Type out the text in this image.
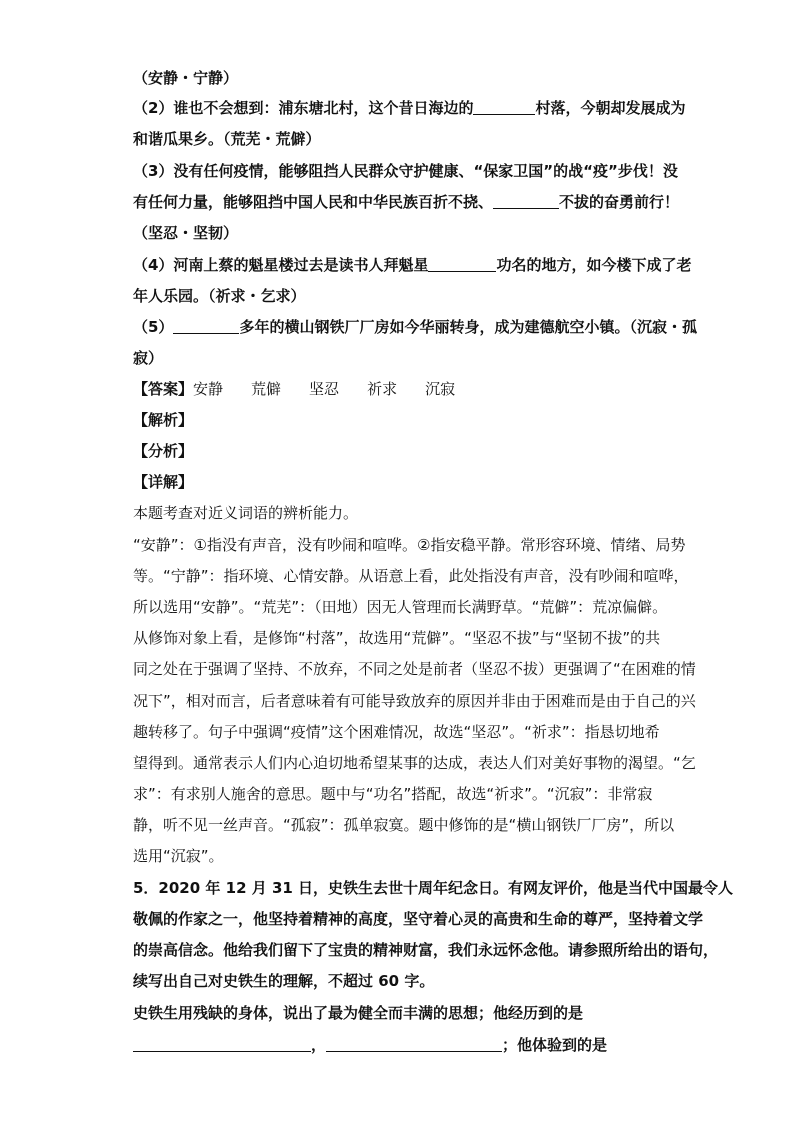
（安静・宁静）
（2）谁也不会想到：浦东塘北村，这个昔日海边的	村落，今朝却发展成为
和谐瓜果乡。（荒芜・荒僻）
（3）没有任何疫情，能够阻挡人民群众守护健康、“保家卫国”的战“疫”步伐！没
有任何力量，能够阻挡中国人民和中华民族百折不挠、	不拔的奋勇前行！
（坚忍・坚韧）
（4）河南上蔡的魁星楼过去是读书人拜魁星	功名的地方，如今楼下成了老
年人乐园。（祈求・乞求）
（5）	多年的横山钢铁厂厂房如今华丽转身，成为建德航空小镇。（沉寂・孤
寂）
【答案】安静 荒僻 坚忍 祈求 沉寂
【解析】
【分析】
【详解】
本题考查对近义词语的辨析能力。
“安静”：①指没有声音，没有吵闹和喧哗。②指安稳平静。常形容环境、情绪、局势
等。“宁静”：指环境、心情安静。从语意上看，此处指没有声音，没有吵闹和喧哗，
所以选用“安静”。“荒芜”：（田地）因无人管理而长满野草。“荒僻”：荒凉偏僻。
从修饰对象上看，是修饰“村落”，故选用“荒僻”。“坚忍不拔”与“坚韧不拔”的共
同之处在于强调了坚持、不放弃，不同之处是前者（坚忍不拔）更强调了“在困难的情
况下”，相对而言，后者意味着有可能导致放弃的原因并非由于困难而是由于自己的兴
趣转移了。句子中强调“疫情”这个困难情况，故选“坚忍”。“祈求”：指恳切地希
望得到。通常表示人们内心迫切地希望某事的达成，表达人们对美好事物的渴望。“乞
求”：有求别人施舍的意思。题中与“功名”搭配，故选“祈求”。“沉寂”：非常寂
静，听不见一丝声音。“孤寂”：孤单寂寞。题中修饰的是“横山钢铁厂厂房”，所以
选用“沉寂”。
5．2020 年 12 月 31 日，史铁生去世十周年纪念日。有网友评价，他是当代中国最令人
敬佩的作家之一，他坚持着精神的高度，坚守着心灵的高贵和生命的尊严，坚持着文学
的崇高信念。他给我们留下了宝贵的精神财富，我们永远怀念他。请参照所给出的语句，
续写出自己对史铁生的理解，不超过 60 字。
史铁生用残缺的身体，说出了最为健全而丰满的思想；他经历到的是
，	；他体验到的是
